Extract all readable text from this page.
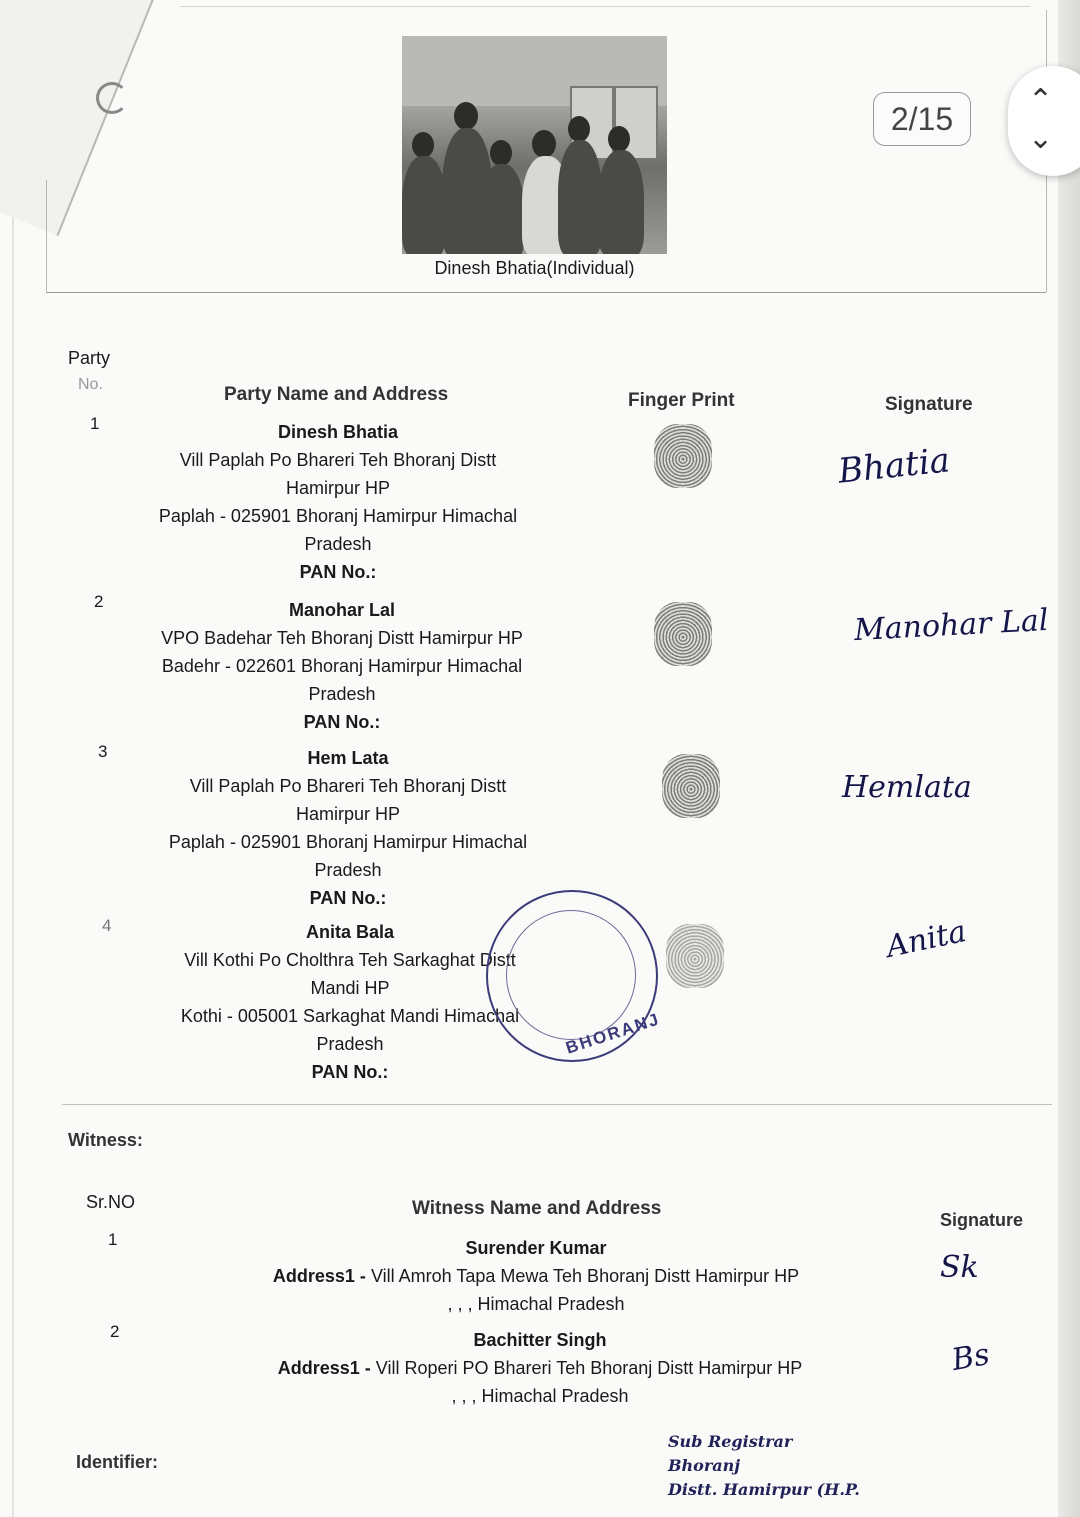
Dinesh Bhatia(Individual)
Party
No.	Party Name and Address	Finger Print	Signature
1	Dinesh Bhatia
Vill Paplah Po Bhareri Teh Bhoranj Distt
Hamirpur HP
Paplah - 025901 Bhoranj Hamirpur Himachal
Pradesh
PAN No.:
Bhatia
2	Manohar Lal
VPO Badehar Teh Bhoranj Distt Hamirpur HP
Badehr - 022601 Bhoranj Hamirpur Himachal
Pradesh
PAN No.:
Manohar Lal
3	Hem Lata
Vill Paplah Po Bhareri Teh Bhoranj Distt
Hamirpur HP
Paplah - 025901 Bhoranj Hamirpur Himachal
Pradesh
PAN No.:
Hemlata
4	Anita Bala
Vill Kothi Po Cholthra Teh Sarkaghat Distt
Mandi HP
Kothi - 005001 Sarkaghat Mandi Himachal
Pradesh
PAN No.:
Anita
BHORANJ
Witness:
Sr.NO	Witness Name and Address
Signature
1	Surender Kumar
Address1 - Vill Amroh Tapa Mewa Teh Bhoranj Distt Hamirpur HP
, , , Himachal Pradesh
Sk
2	Bachitter Singh
Address1 - Vill Roperi PO Bhareri Teh Bhoranj Distt Hamirpur HP
, , , Himachal Pradesh
Bs
Identifier:
Sub Registrar
Bhoranj
Distt. Hamirpur (H.P.
2/15
⌃
⌄
